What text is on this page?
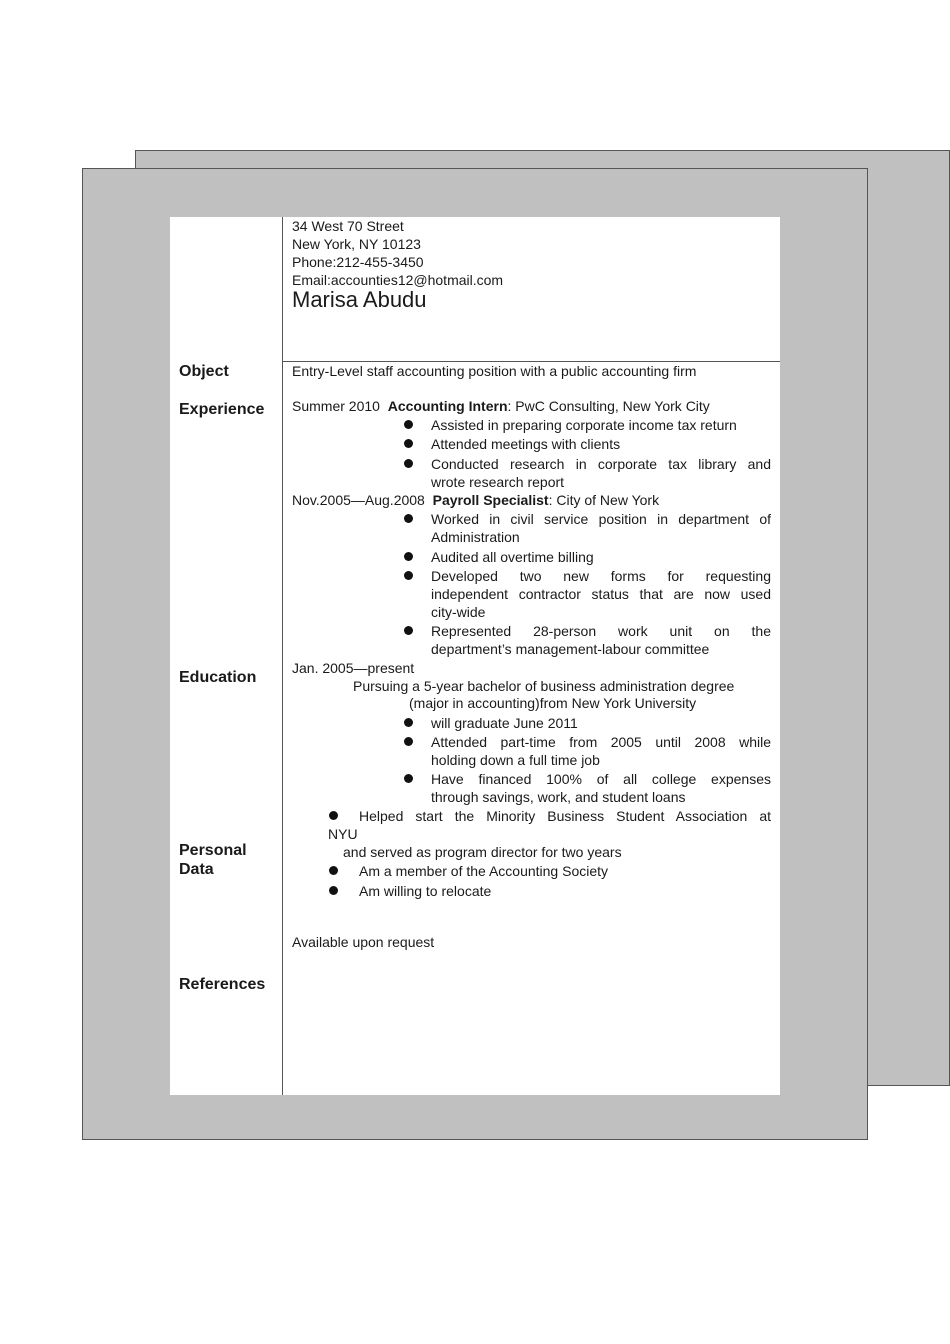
34 West 70 Street
New York, NY 10123
Phone:212-455-3450
Email:accounties12@hotmail.com
Marisa Abudu
Object
Experience
Education
Personal
Data
References
Entry-Level staff accounting position with a public accounting firm
Summer 2010 Accounting Intern: PwC Consulting, New York City
Assisted in preparing corporate income tax return
Attended meetings with clients
Conducted research in corporate tax library and
wrote research report
Nov.2005—Aug.2008 Payroll Specialist: City of New York
Worked in civil service position in department of
Administration
Audited all overtime billing
Developed two new forms for requesting
independent contractor status that are now used
city-wide
Represented 28-person work unit on the
department’s management-labour committee
Jan. 2005—present
Pursuing a 5-year bachelor of business administration degree
(major in accounting)from New York University
will graduate June 2011
Attended part-time from 2005 until 2008 while
holding down a full time job
Have financed 100% of all college expenses
through savings, work, and student loans
Helped start the Minority Business Student Association at
NYU
and served as program director for two years
Am a member of the Accounting Society
Am willing to relocate
Available upon request
